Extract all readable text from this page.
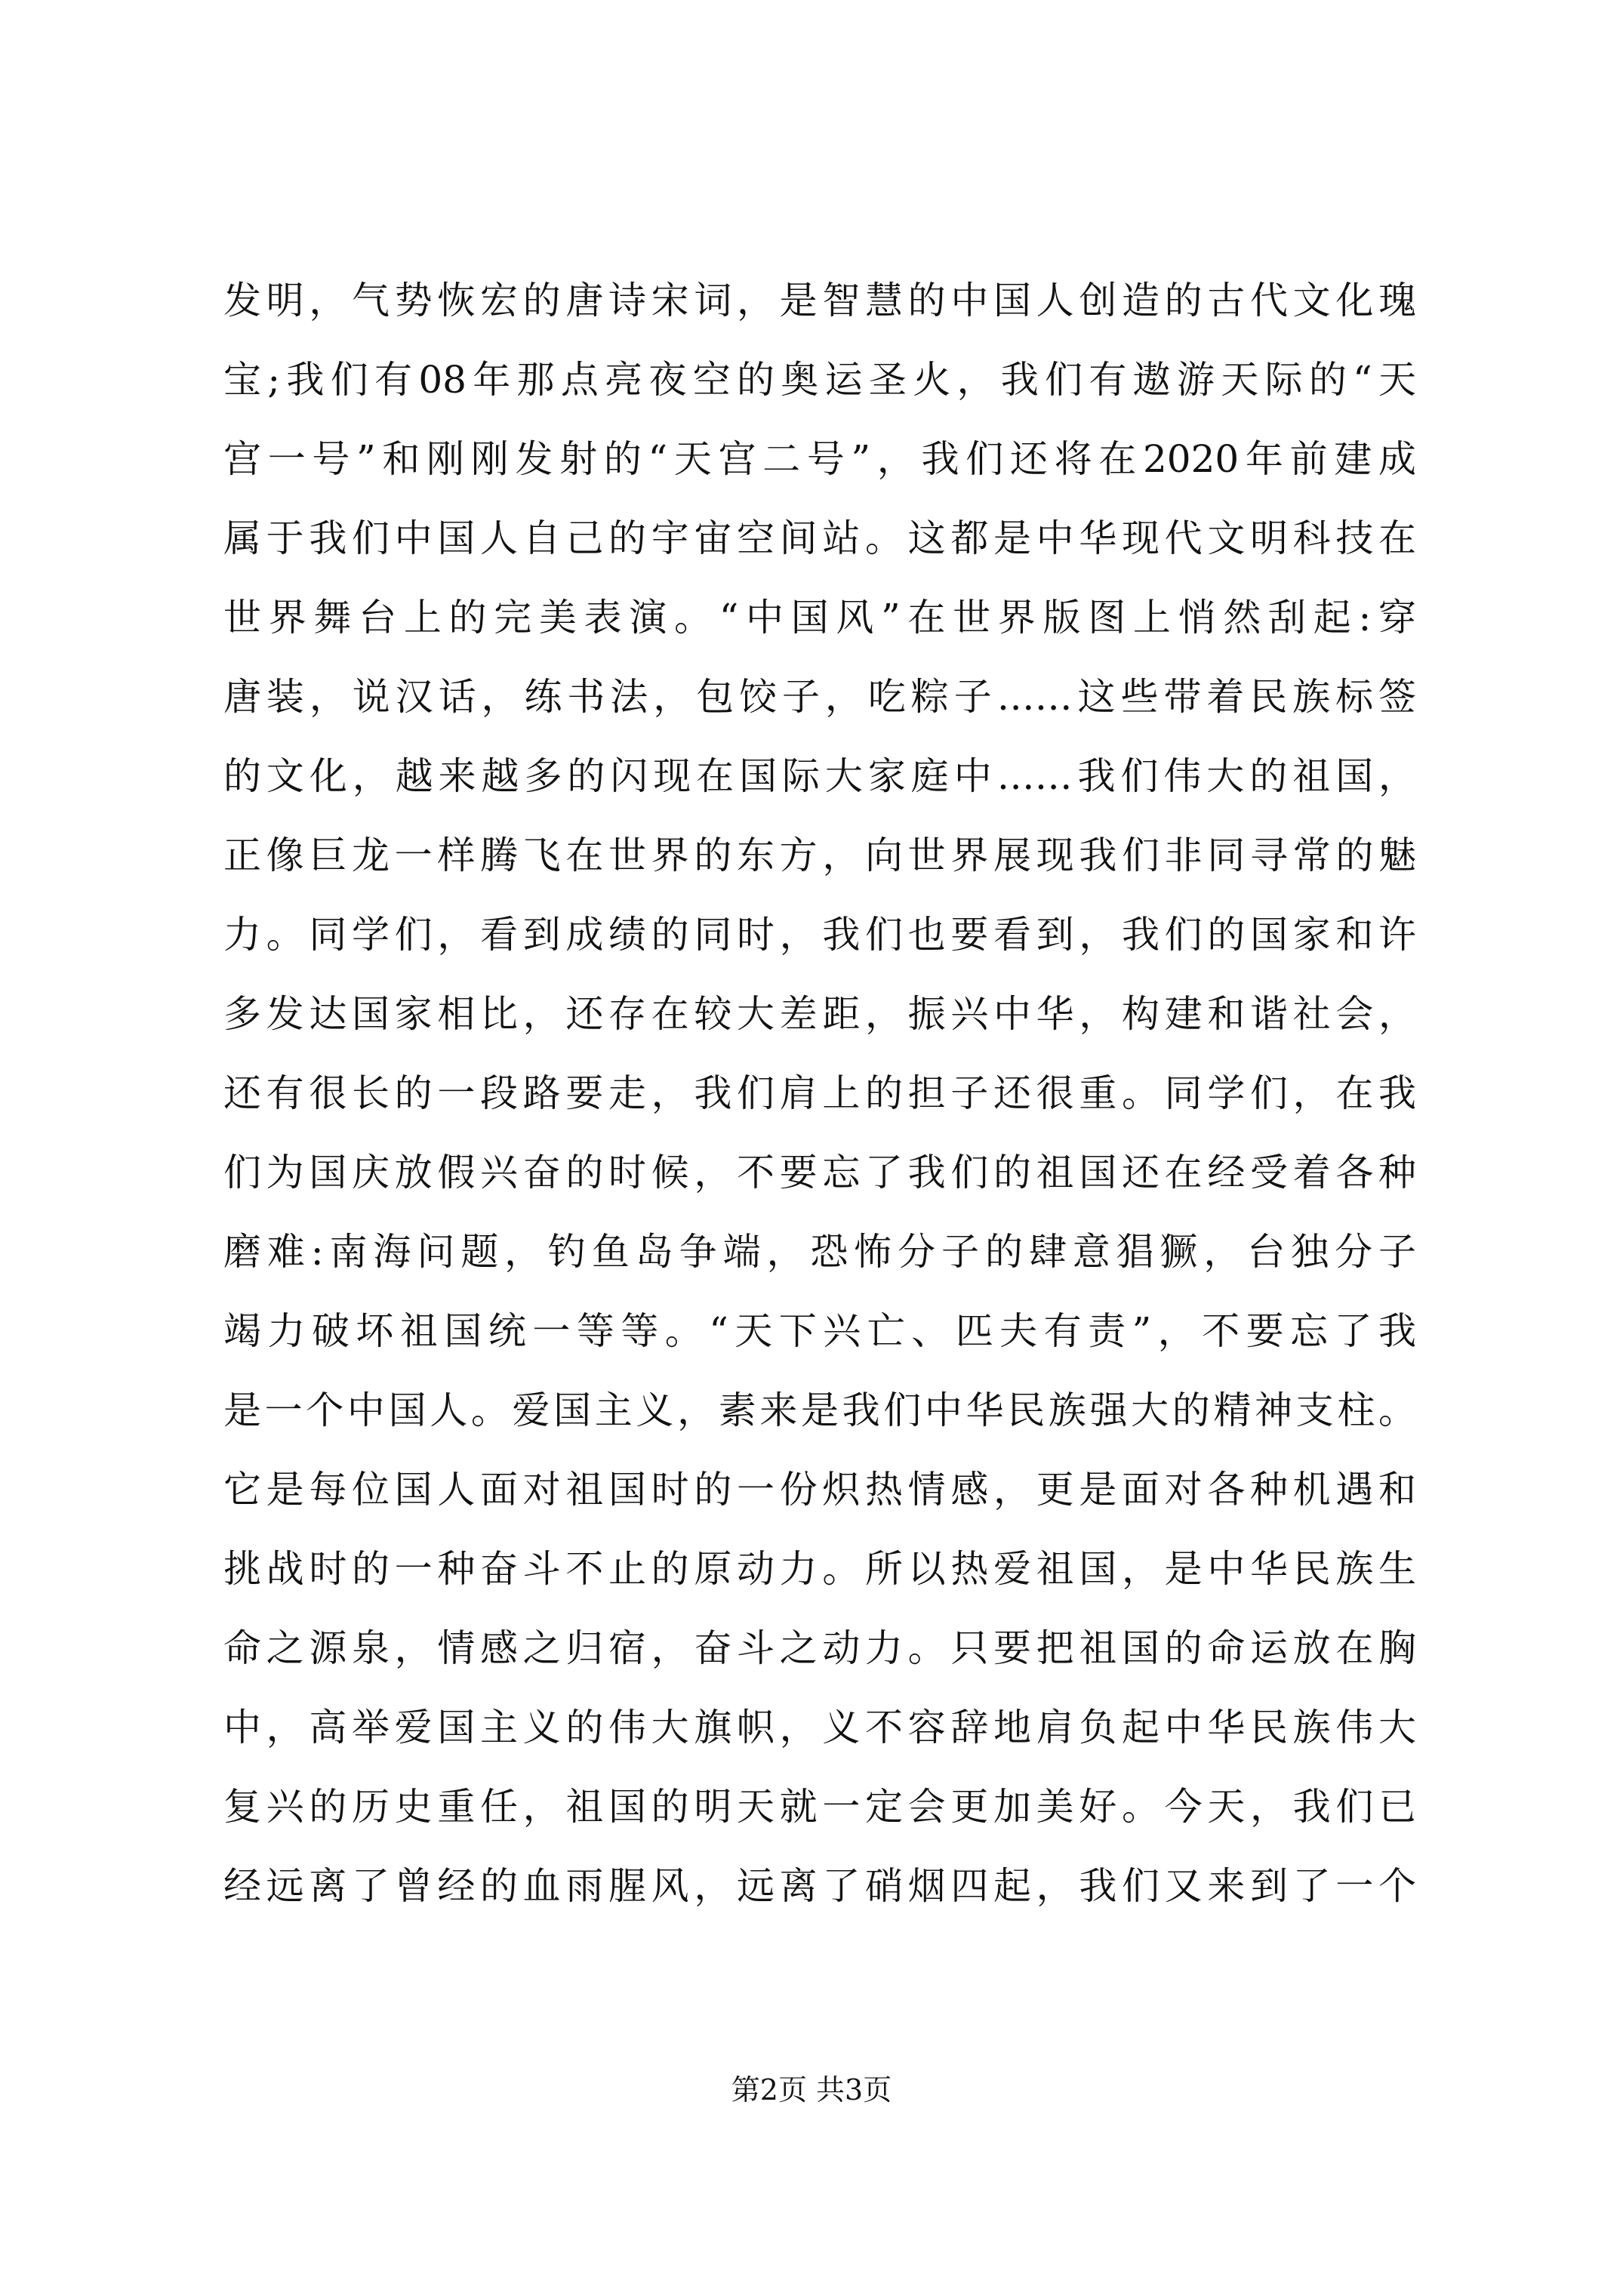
发明，气势恢宏的唐诗宋词，是智慧的中国人创造的古代文化瑰
宝;我们有08年那点亮夜空的奥运圣火，我们有遨游天际的“天
宫一号”和刚刚发射的“天宫二号”，我们还将在2020年前建成
属于我们中国人自己的宇宙空间站。这都是中华现代文明科技在
世界舞台上的完美表演。“中国风”在世界版图上悄然刮起:穿
唐装，说汉话，练书法，包饺子，吃粽子……这些带着民族标签
的文化，越来越多的闪现在国际大家庭中……我们伟大的祖国，
正像巨龙一样腾飞在世界的东方，向世界展现我们非同寻常的魅
力。同学们，看到成绩的同时，我们也要看到，我们的国家和许
多发达国家相比，还存在较大差距，振兴中华，构建和谐社会，
还有很长的一段路要走，我们肩上的担子还很重。同学们，在我
们为国庆放假兴奋的时候，不要忘了我们的祖国还在经受着各种
磨难:南海问题，钓鱼岛争端，恐怖分子的肆意猖獗，台独分子
竭力破坏祖国统一等等。“天下兴亡、匹夫有责”，不要忘了我
是一个中国人。爱国主义，素来是我们中华民族强大的精神支柱。
它是每位国人面对祖国时的一份炽热情感，更是面对各种机遇和
挑战时的一种奋斗不止的原动力。所以热爱祖国，是中华民族生
命之源泉，情感之归宿，奋斗之动力。只要把祖国的命运放在胸
中，高举爱国主义的伟大旗帜，义不容辞地肩负起中华民族伟大
复兴的历史重任，祖国的明天就一定会更加美好。今天，我们已
经远离了曾经的血雨腥风，远离了硝烟四起，我们又来到了一个
第2页 共3页
